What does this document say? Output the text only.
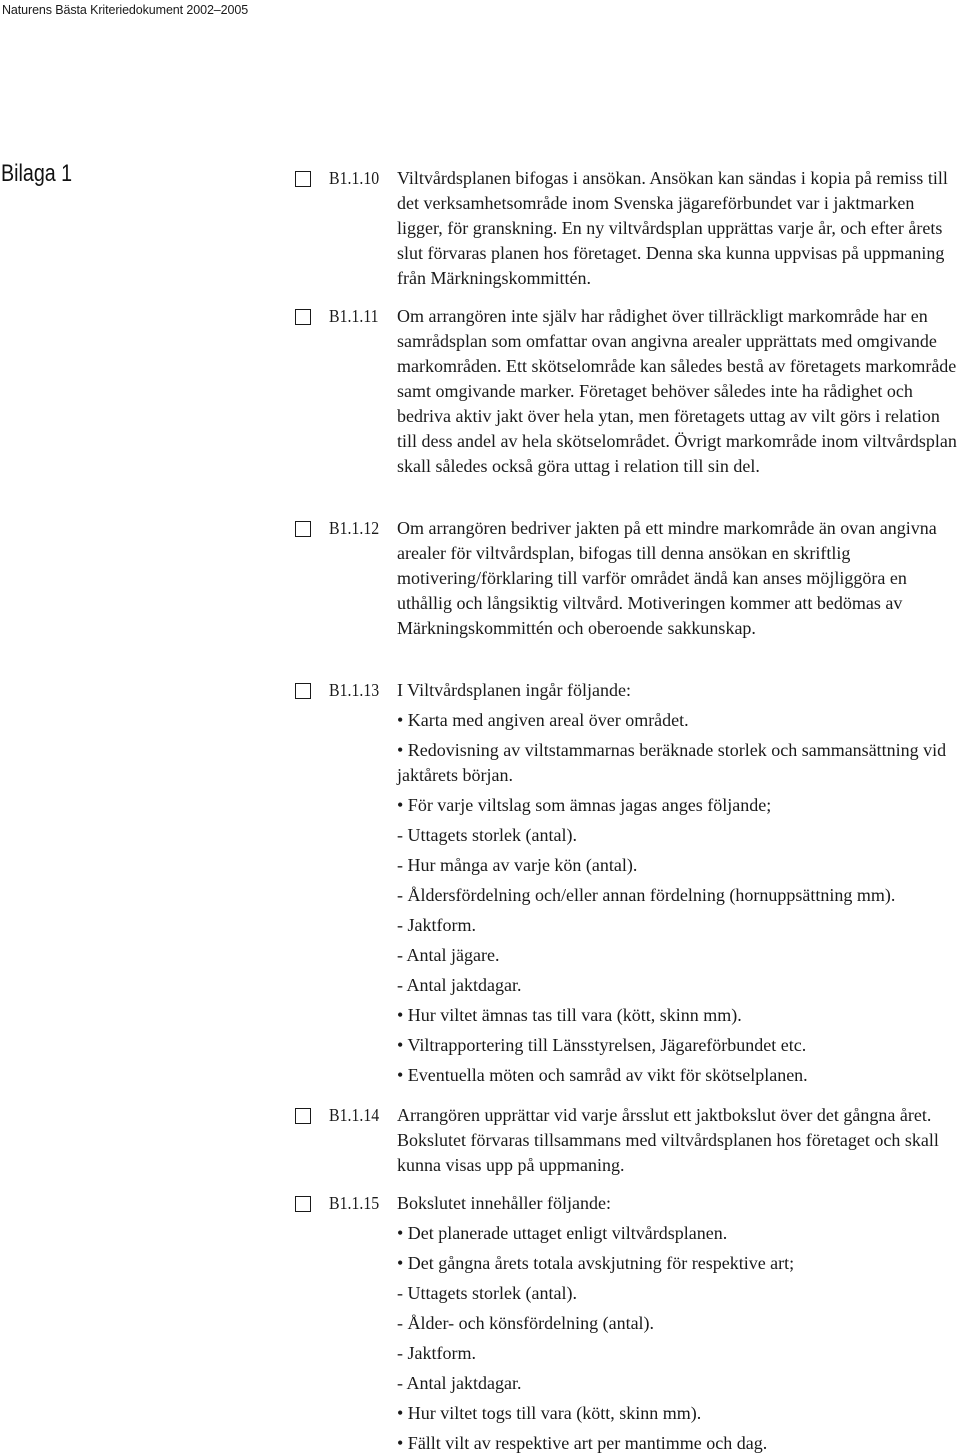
Naturens Bästa Kriteriedokument 2002–2005
Bilaga 1	B1.1.10 Viltvårdsplanen bifogas i ansökan. Ansökan kan sändas i kopia på remiss till det verksamhetsområde inom Svenska jägareförbundet var i jaktmarken ligger, för granskning. En ny viltvårdsplan upprättas varje år, och efter årets slut förvaras planen hos företaget. Denna ska kunna uppvisas på uppmaning från Märkningskommittén.

B1.1.11 Om arrangören inte själv har rådighet över tillräckligt markområde har en samrådsplan som omfattar ovan angivna arealer upprättats med omgivande markområden. Ett skötselområde kan således bestå av företagets markområde samt omgivande marker. Företaget behöver således inte ha rådighet och bedriva aktiv jakt över hela ytan, men företagets uttag av vilt görs i relation till dess andel av hela skötselområdet. Övrigt markområde inom viltvårdsplan skall således också göra uttag i relation till sin del.

B1.1.12 Om arrangören bedriver jakten på ett mindre markområde än ovan angivna arealer för viltvårdsplan, bifogas till denna ansökan en skriftlig motivering/förklaring till varför området ändå kan anses möjliggöra en uthållig och långsiktig viltvård. Motiveringen kommer att bedömas av Märkningskommittén och oberoende sakkunskap.

B1.1.13 I Viltvårdsplanen ingår följande:

• Karta med angiven areal över området.
• Redovisning av viltstammarnas beräknade storlek och sammansättning vid jaktårets början.
• För varje viltslag som ämnas jagas anges följande;
- Uttagets storlek (antal).
- Hur många av varje kön (antal).
- Åldersfördelning och/eller annan fördelning (hornuppsättning mm).
- Jaktform.
- Antal jägare.
- Antal jaktdagar.
• Hur viltet ämnas tas till vara (kött, skinn mm).
• Viltrapportering till Länsstyrelsen, Jägareförbundet etc.
• Eventuella möten och samråd av vikt för skötselplanen.
B1.1.14 Arrangören upprättar vid varje årsslut ett jaktbokslut över det gångna året. Bokslutet förvaras tillsammans med viltvårdsplanen hos företaget och skall kunna visas upp på uppmaning.

B1.1.15 Bokslutet innehåller följande:

• Det planerade uttaget enligt viltvårdsplanen.
• Det gångna årets totala avskjutning för respektive art;
- Uttagets storlek (antal).
- Ålder- och könsfördelning (antal).
- Jaktform.
- Antal jaktdagar.
• Hur viltet togs till vara (kött, skinn mm).
• Fällt vilt av respektive art per mantimme och dag.
